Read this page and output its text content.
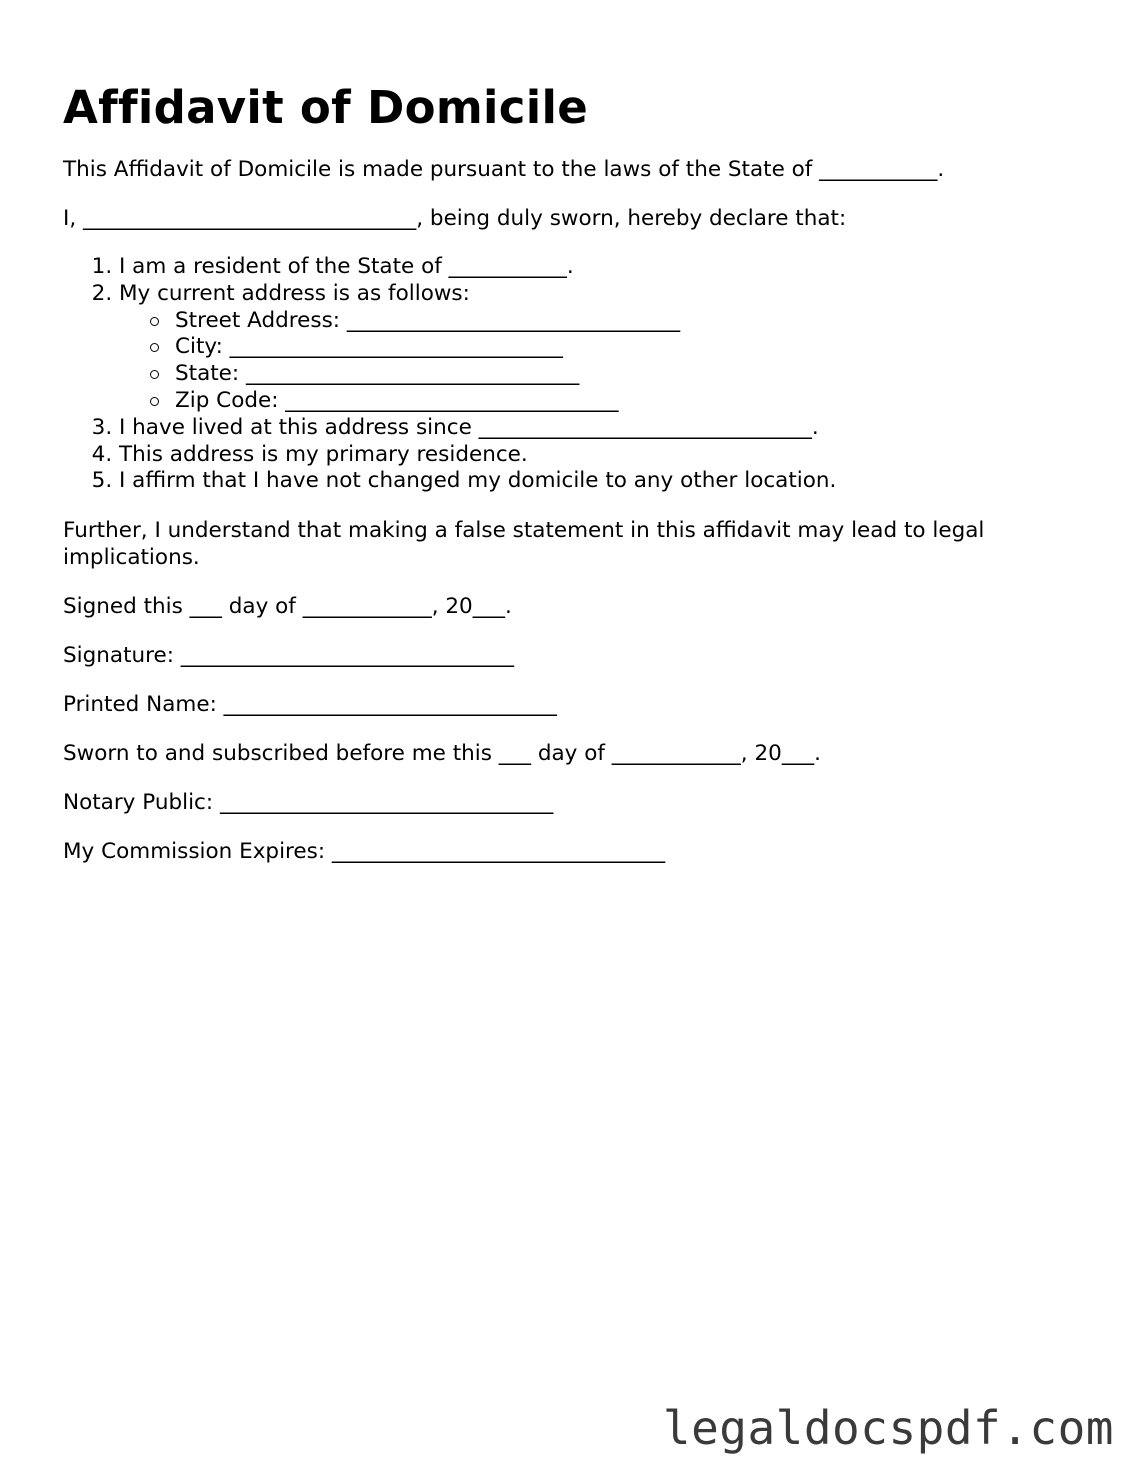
Affidavit of Domicile

This Affidavit of Domicile is made pursuant to the laws of the State of ___________.

I, _______________________________, being duly sworn, hereby declare that:

1. I am a resident of the State of ___________.
2. My current address is as follows:
Street Address: _______________________________
City: _______________________________
State: _______________________________
Zip Code: _______________________________
3. I have lived at this address since _______________________________.
4. This address is my primary residence.
5. I affirm that I have not changed my domicile to any other location.

Further, I understand that making a false statement in this affidavit may lead to legal implications.

Signed this ___ day of ____________, 20___.

Signature: _______________________________

Printed Name: _______________________________

Sworn to and subscribed before me this ___ day of ____________, 20___.

Notary Public: _______________________________

My Commission Expires: _______________________________

legaldocspdf.com
